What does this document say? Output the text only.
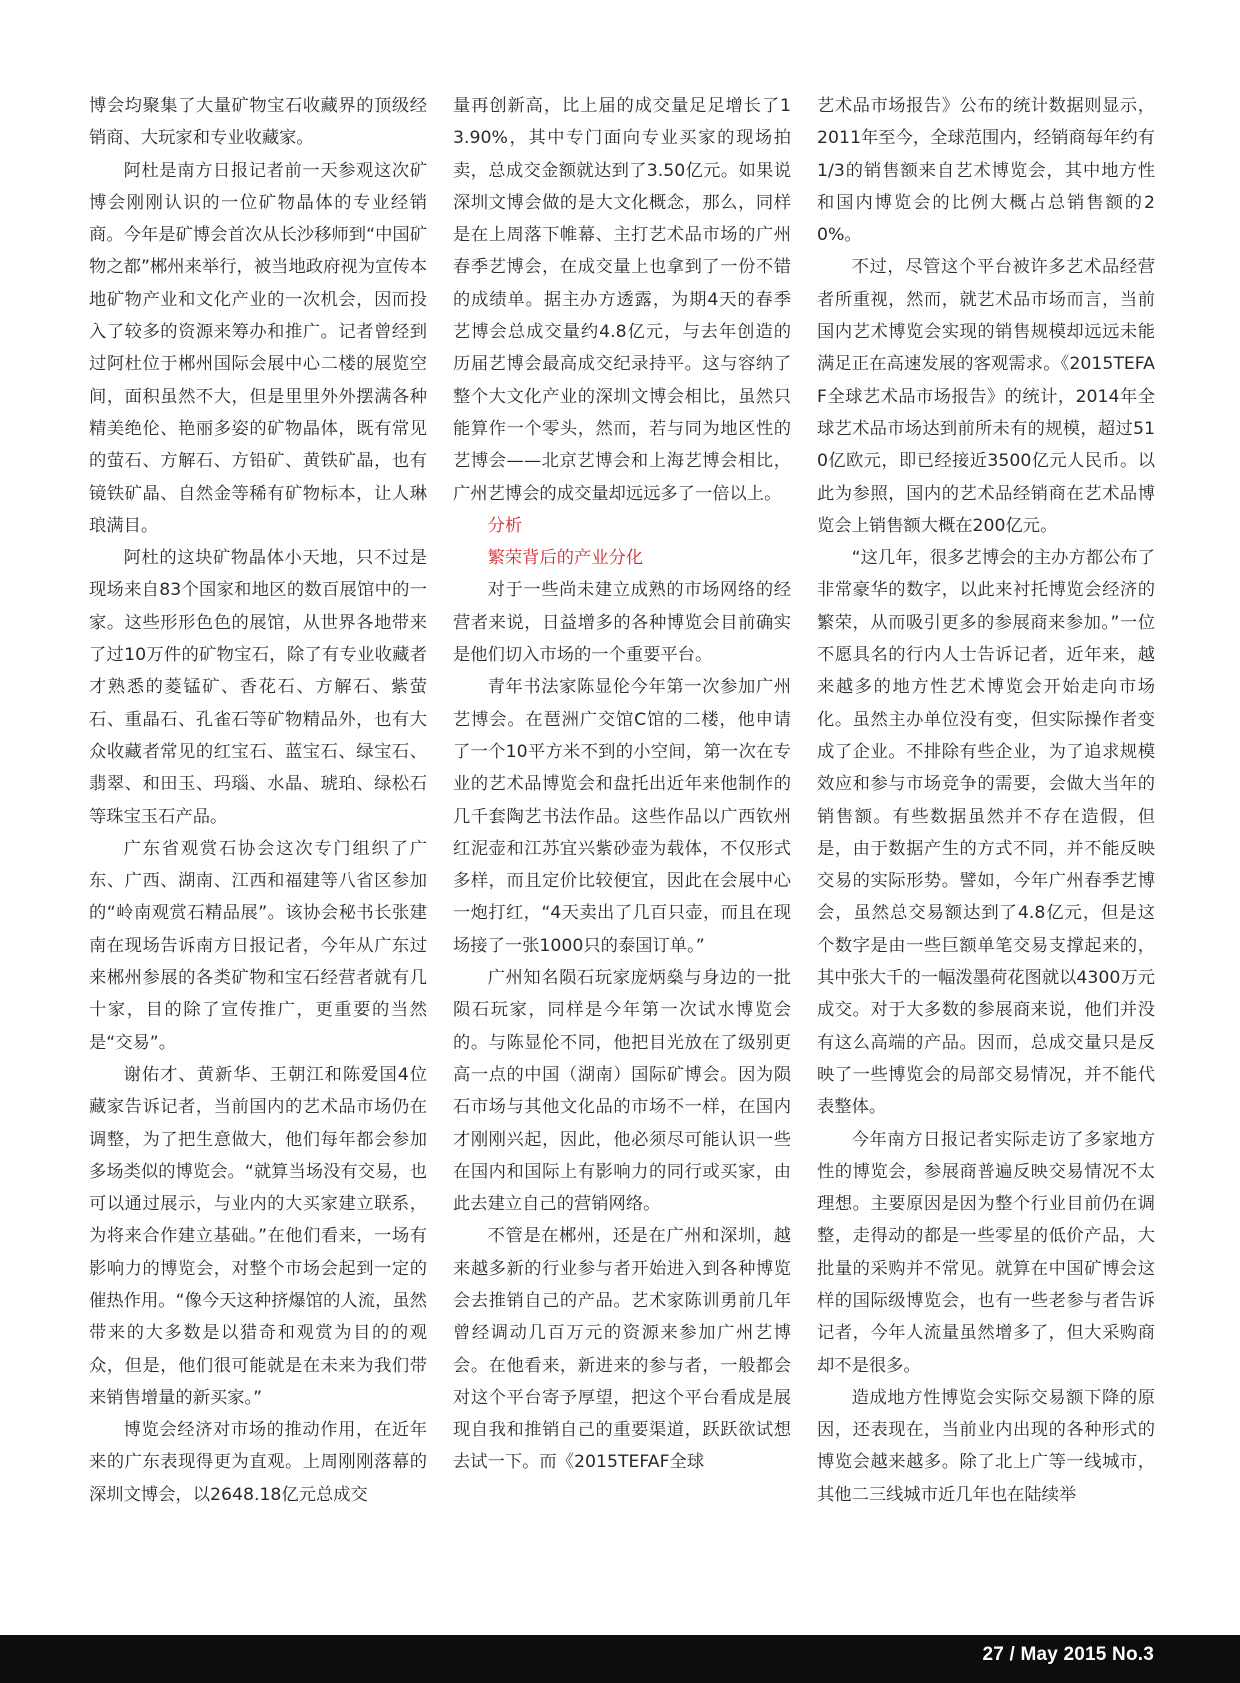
博会均聚集了大量矿物宝石收藏界的顶级经销商、大玩家和专业收藏家。

阿杜是南方日报记者前一天参观这次矿博会刚刚认识的一位矿物晶体的专业经销商。今年是矿博会首次从长沙移师到“中国矿物之都”郴州来举行，被当地政府视为宣传本地矿物产业和文化产业的一次机会，因而投入了较多的资源来筹办和推广。记者曾经到过阿杜位于郴州国际会展中心二楼的展览空间，面积虽然不大，但是里里外外摆满各种精美绝伦、艳丽多姿的矿物晶体，既有常见的萤石、方解石、方铅矿、黄铁矿晶，也有镜铁矿晶、自然金等稀有矿物标本，让人琳琅满目。

阿杜的这块矿物晶体小天地，只不过是现场来自83个国家和地区的数百展馆中的一家。这些形形色色的展馆，从世界各地带来了过10万件的矿物宝石，除了有专业收藏者才熟悉的菱锰矿、香花石、方解石、紫萤石、重晶石、孔雀石等矿物精品外，也有大众收藏者常见的红宝石、蓝宝石、绿宝石、翡翠、和田玉、玛瑙、水晶、琥珀、绿松石等珠宝玉石产品。

广东省观赏石协会这次专门组织了广东、广西、湖南、江西和福建等八省区参加的“岭南观赏石精品展”。该协会秘书长张建南在现场告诉南方日报记者，今年从广东过来郴州参展的各类矿物和宝石经营者就有几十家，目的除了宣传推广，更重要的当然是“交易”。

谢佑才、黄新华、王朝江和陈爱国4位藏家告诉记者，当前国内的艺术品市场仍在调整，为了把生意做大，他们每年都会参加多场类似的博览会。“就算当场没有交易，也可以通过展示，与业内的大买家建立联系，为将来合作建立基础。”在他们看来，一场有影响力的博览会，对整个市场会起到一定的催热作用。“像今天这种挤爆馆的人流，虽然带来的大多数是以猎奇和观赏为目的的观众，但是，他们很可能就是在未来为我们带来销售增量的新买家。”

博览会经济对市场的推动作用，在近年来的广东表现得更为直观。上周刚刚落幕的深圳文博会，以2648.18亿元总成交

量再创新高，比上届的成交量足足增长了13.90%，其中专门面向专业买家的现场拍卖，总成交金额就达到了3.50亿元。如果说深圳文博会做的是大文化概念，那么，同样是在上周落下帷幕、主打艺术品市场的广州春季艺博会，在成交量上也拿到了一份不错的成绩单。据主办方透露，为期4天的春季艺博会总成交量约4.8亿元，与去年创造的历届艺博会最高成交纪录持平。这与容纳了整个大文化产业的深圳文博会相比，虽然只能算作一个零头，然而，若与同为地区性的艺博会——北京艺博会和上海艺博会相比，广州艺博会的成交量却远远多了一倍以上。

分析

繁荣背后的产业分化

对于一些尚未建立成熟的市场网络的经营者来说，日益增多的各种博览会目前确实是他们切入市场的一个重要平台。

青年书法家陈显伦今年第一次参加广州艺博会。在琶洲广交馆C馆的二楼，他申请了一个10平方米不到的小空间，第一次在专业的艺术品博览会和盘托出近年来他制作的几千套陶艺书法作品。这些作品以广西钦州红泥壶和江苏宜兴紫砂壶为载体，不仅形式多样，而且定价比较便宜，因此在会展中心一炮打红，“4天卖出了几百只壶，而且在现场接了一张1000只的泰国订单。”

广州知名陨石玩家庞炳燊与身边的一批陨石玩家，同样是今年第一次试水博览会的。与陈显伦不同，他把目光放在了级别更高一点的中国（湖南）国际矿博会。因为陨石市场与其他文化品的市场不一样，在国内才刚刚兴起，因此，他必须尽可能认识一些在国内和国际上有影响力的同行或买家，由此去建立自己的营销网络。

不管是在郴州，还是在广州和深圳，越来越多新的行业参与者开始进入到各种博览会去推销自己的产品。艺术家陈训勇前几年曾经调动几百万元的资源来参加广州艺博会。在他看来，新进来的参与者，一般都会对这个平台寄予厚望，把这个平台看成是展现自我和推销自己的重要渠道，跃跃欲试想去试一下。而《2015TEFAF全球

艺术品市场报告》公布的统计数据则显示，2011年至今，全球范围内，经销商每年约有1/3的销售额来自艺术博览会，其中地方性和国内博览会的比例大概占总销售额的20%。

不过，尽管这个平台被许多艺术品经营者所重视，然而，就艺术品市场而言，当前国内艺术博览会实现的销售规模却远远未能满足正在高速发展的客观需求。《2015TEFAF全球艺术品市场报告》的统计，2014年全球艺术品市场达到前所未有的规模，超过510亿欧元，即已经接近3500亿元人民币。以此为参照，国内的艺术品经销商在艺术品博览会上销售额大概在200亿元。

“这几年，很多艺博会的主办方都公布了非常豪华的数字，以此来衬托博览会经济的繁荣，从而吸引更多的参展商来参加。”一位不愿具名的行内人士告诉记者，近年来，越来越多的地方性艺术博览会开始走向市场化。虽然主办单位没有变，但实际操作者变成了企业。不排除有些企业，为了追求规模效应和参与市场竞争的需要，会做大当年的销售额。有些数据虽然并不存在造假，但是，由于数据产生的方式不同，并不能反映交易的实际形势。譬如，今年广州春季艺博会，虽然总交易额达到了4.8亿元，但是这个数字是由一些巨额单笔交易支撑起来的，其中张大千的一幅泼墨荷花图就以4300万元成交。对于大多数的参展商来说，他们并没有这么高端的产品。因而，总成交量只是反映了一些博览会的局部交易情况，并不能代表整体。

今年南方日报记者实际走访了多家地方性的博览会，参展商普遍反映交易情况不太理想。主要原因是因为整个行业目前仍在调整，走得动的都是一些零星的低价产品，大批量的采购并不常见。就算在中国矿博会这样的国际级博览会，也有一些老参与者告诉记者，今年人流量虽然增多了，但大采购商却不是很多。

造成地方性博览会实际交易额下降的原因，还表现在，当前业内出现的各种形式的博览会越来越多。除了北上广等一线城市，其他二三线城市近几年也在陆续举

27 / May 2015 No.3
